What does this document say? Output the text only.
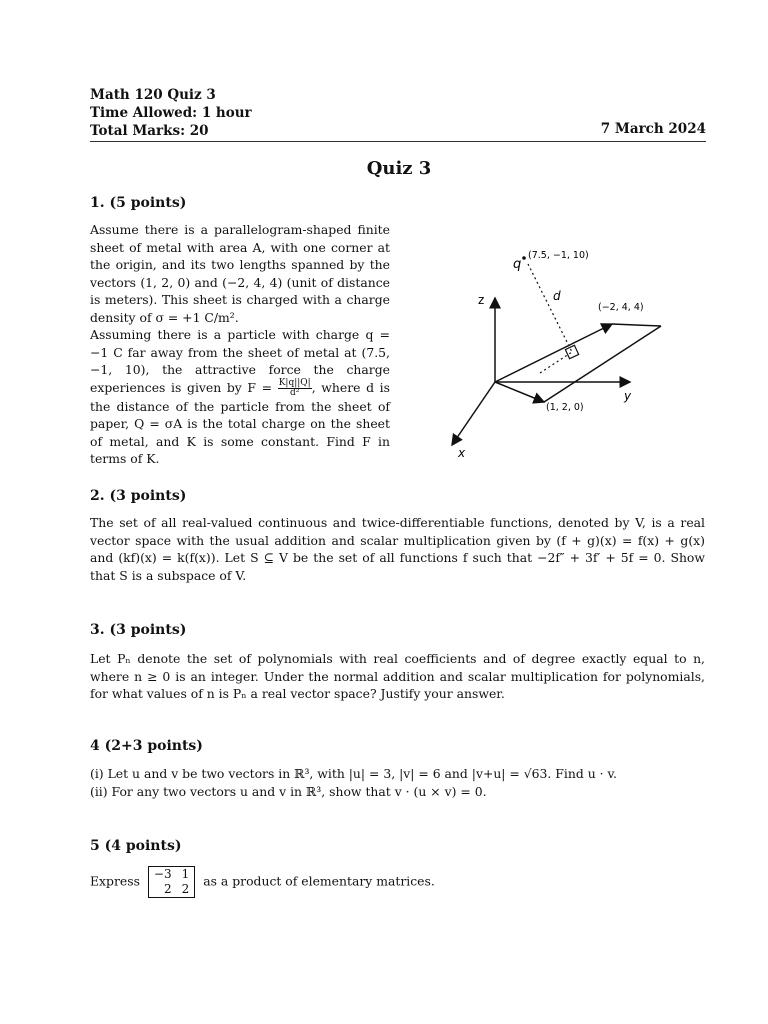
Math 120 Quiz 3
Time Allowed: 1 hour
Total Marks: 20	7 March 2024
Quiz 3
1. (5 points)
Assume there is a parallelogram-shaped finite sheet of metal with area A, with one corner at the origin, and its two lengths spanned by the vectors (1, 2, 0) and (−2, 4, 4) (unit of distance is meters). This sheet is charged with a charge density of σ = +1 C/m².
Assuming there is a particle with charge q = −1 C far away from the sheet of metal at (7.5, −1, 10), the attractive force the charge experiences is given by $F = \frac{K|q||Q|}{\text{d²}}$ , where d is the distance of the particle from the sheet of paper, Q = σA is the total charge on the sheet of metal, and K is some constant. Find F in terms of K.
q
(7.5, −1, 10)
d
z
y
x
(1, 2, 0)
(−2, 4, 4)
2. (3 points)
The set of all real-valued continuous and twice-differentiable functions, denoted by V, is a real vector space with the usual addition and scalar multiplication given by (f + g)(x) = f(x) + g(x) and (kf)(x) = k(f(x)). Let S ⊆ V be the set of all functions f such that −2f″ + 3f′ + 5f = 0. Show that S is a subspace of V.
3. (3 points)
Let Pₙ denote the set of polynomials with real coefficients and of degree exactly equal to n, where n ≥ 0 is an integer. Under the normal addition and scalar multiplication for polynomials, for what values of n is Pₙ a real vector space? Justify your answer.
4 (2+3 points)
(i) Let u and v be two vectors in ℝ³, with |u| = 3, |v| = 6 and |v+u| = √63. Find u · v.
(ii) For any two vectors u and v in ℝ³, show that v · (u × v) = 0.
5 (4 points)
Express −3	1
2	2
as a product of elementary matrices.
